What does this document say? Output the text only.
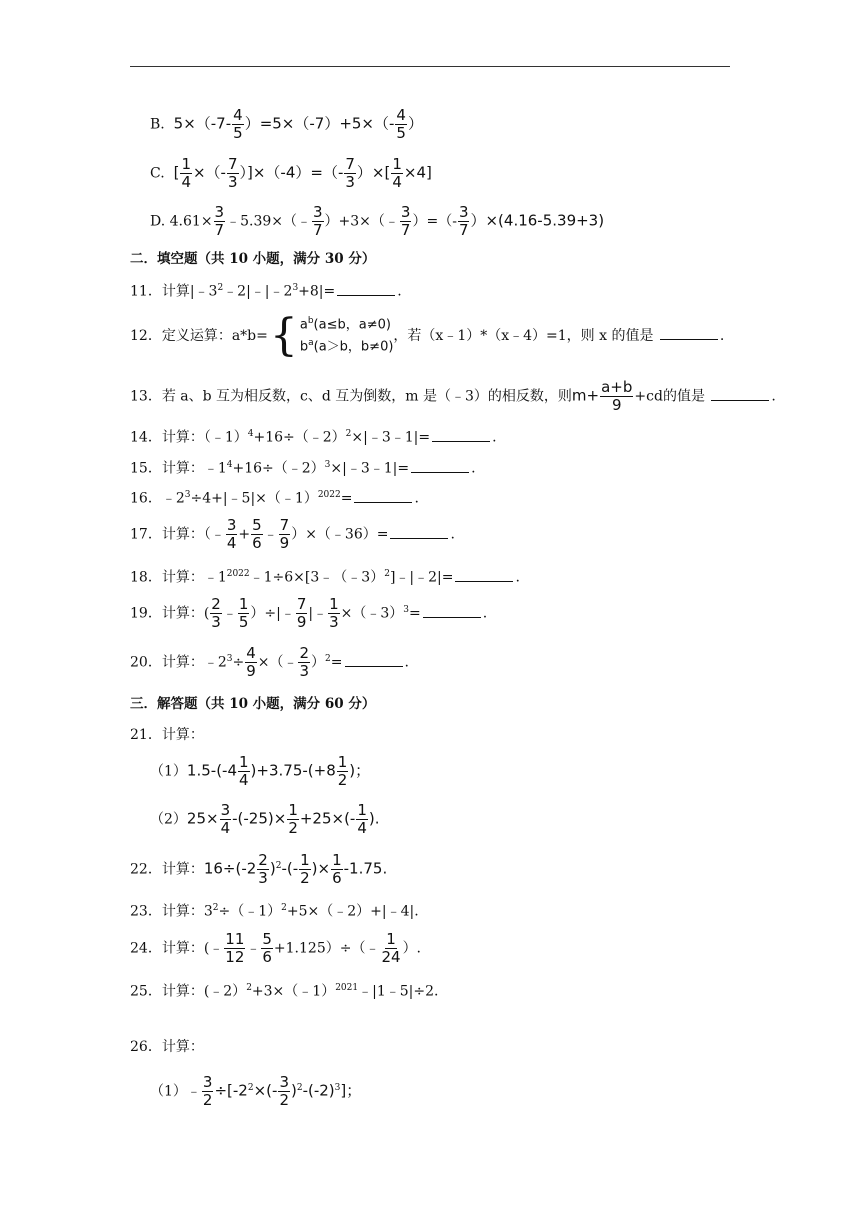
B. $5\times(-7- \frac{4}{5} )=5\times(-7)+5\times(- \frac{4}{5}$ ）
C. [ $\frac{1}{4}$ ×（- $\frac{7}{3} )]\times(-4)=(- \frac{7}{3}$ ）×[ $\frac{1}{4} \times 4$]
D. $4.61\times \frac{3}{7}$ ﹣5.39×（﹣ $\frac{3}{7}$ ）+3×（﹣ $\frac{3}{7}$ ）=（- $\frac{3}{7} )\times(4.16-5.39+3)$
二．填空题（共 10 小题，满分 30 分）
11．计算$|﹣3^2﹣2|﹣|﹣2^3+8|=$	.
12．定义运算：a*b={ $a^b(a\le b$，a≠0)
$b^a(a>b$，b≠0)
，若（x﹣1）*（x﹣4）=1，则 x 的值是	.
13．若 a、b 互为相反数，c、d 互为倒数，m 是（﹣3）的相反数，则$m+ \frac{a+b}{9} +cd$的值是	.
14．计算：（﹣1）$^4$+16÷（﹣2）$^2$×|﹣3﹣1|=	.
15．计算：$﹣1^4+16\div(﹣2)^3\times|﹣3﹣1|=$	.
16．$﹣2^3\div 4+|﹣5|\times(﹣1)^{2022}=$	.
17．计算：（﹣ $\frac{3}{4} + \frac{5}{6}$ ﹣ $\frac{7}{9}$ ）×（﹣36）=	.
18．计算：$﹣1^{2022}﹣1\div 6\times[3﹣(﹣3)^2]﹣|﹣2|=$	.
19．计算：( $\frac{2}{3}$ ﹣ $\frac{1}{5}$ ）÷|﹣ $\frac{7}{9}$ |﹣ $\frac{1}{3}$ ×（﹣3）$^3$=	.
20．计算：$﹣2^3\div \frac{4}{9}$ ×（﹣ $\frac{2}{3} )^2=$	.
三．解答题（共 10 小题，满分 60 分）
21．计算：
$(1)1.5-(-4 \frac{1}{4} )+3.75-(+8 \frac{1}{2}$ )；
$(2)25\times \frac{3}{4} -(-25)\times \frac{1}{2} +25\times(- \frac{1}{4}$ ).
22．计算：$16\div(-2 \frac{2}{3} )^2-(- \frac{1}{2}$ )× $\frac{1}{6} -1.75$.
23．计算：$3^2\div(﹣1)^2+5\times(﹣2)+|﹣4|$.
24．计算：(﹣ $\frac{11}{12}$ ﹣ $\frac{5}{6}$ +1.125）÷（﹣ $\frac{1}{24}$ ）.
25．计算：(﹣2）$^2$+3×（﹣1）$^{2021}$﹣|1﹣5|÷2.
26．计算：
（1）﹣ $\frac{3}{2} \div[-2^2\times(- \frac{3}{2} )^2-(-2)^3]$；
